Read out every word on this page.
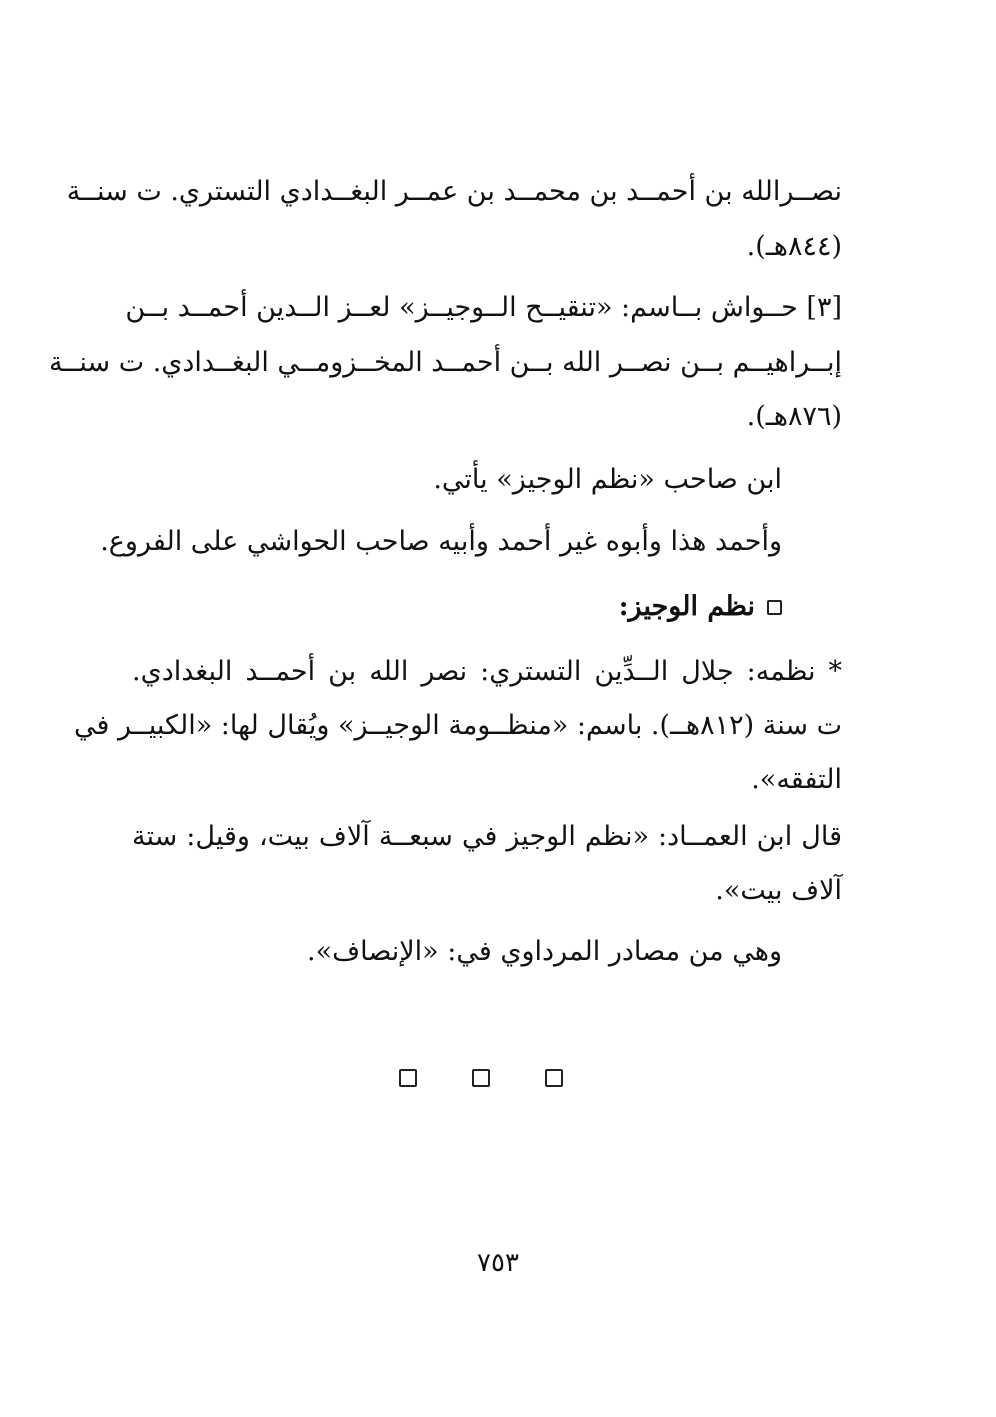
نصــرالله بن أحمــد بن محمــد بن عمــر البغــدادي التستري. ت سنــة
(٨٤٤هـ).
[٣] حــواش بــاسم: «تنقيــح الــوجيــز» لعــز الــدين أحمــد بــن
إبــراهيــم بــن نصــر الله بــن أحمــد المخــزومــي البغــدادي. ت سنــة
(٨٧٦هـ).
ابن صاحب «نظم الوجيز» يأتي.
وأحمد هذا وأبوه غير أحمد وأبيه صاحب الحواشي على الفروع.
نظم الوجيز:
* نظمه: جلال الــدِّين التستري: نصر الله بن أحمــد البغدادي.
ت سنة (٨١٢هــ). باسم: «منظــومة الوجيــز» ويُقال لها: «الكبيــر في
التفقه».
قال ابن العمــاد: «نظم الوجيز في سبعــة آلاف بيت، وقيل: ستة
آلاف بيت».
وهي من مصادر المرداوي في: «الإنصاف».
٧٥٣
